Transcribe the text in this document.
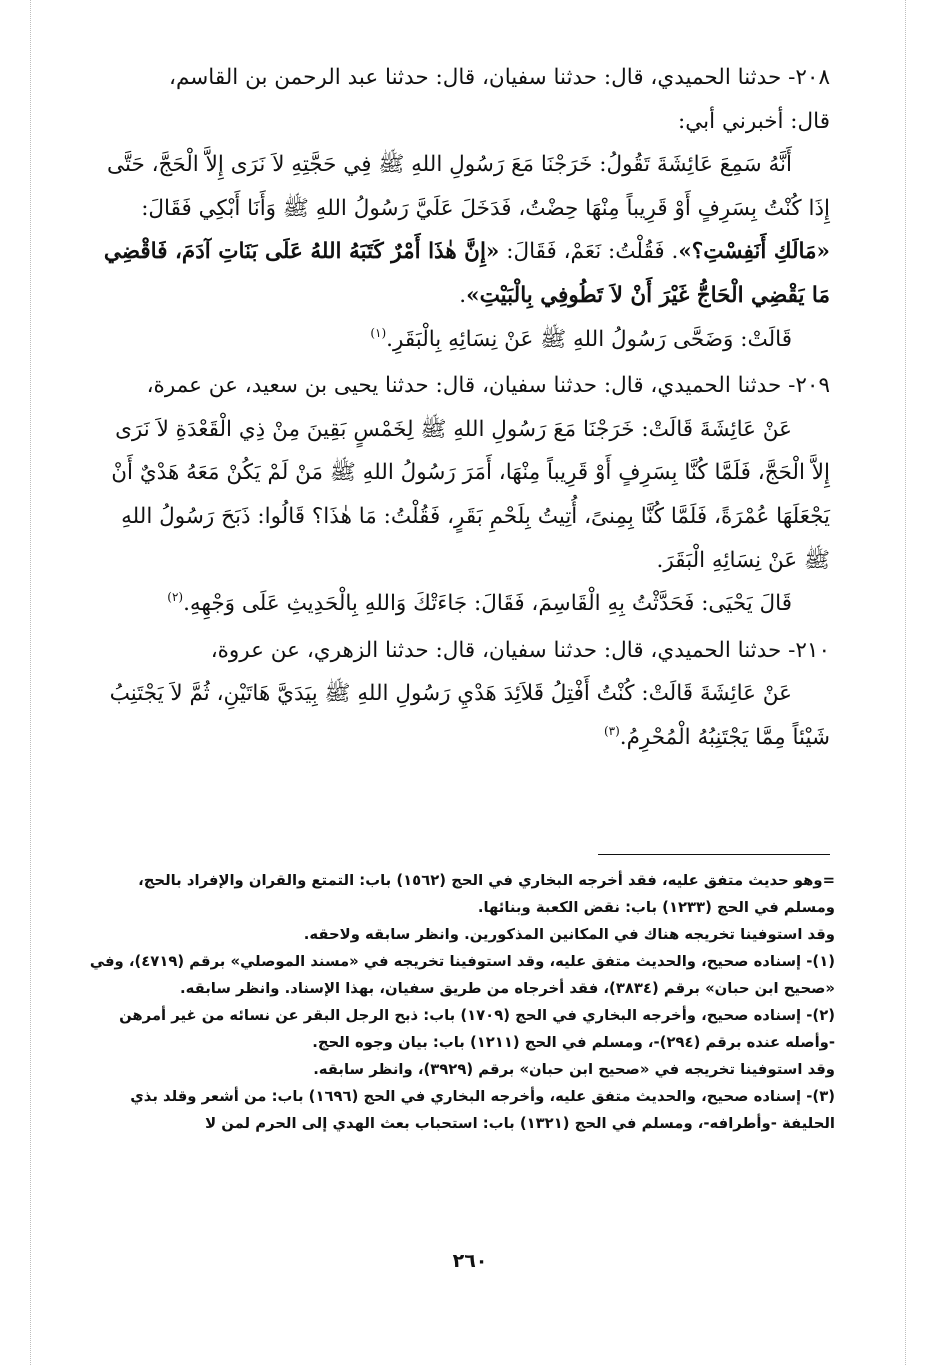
٢٠٨- حدثنا الحميدي، قال: حدثنا سفيان، قال: حدثنا عبد الرحمن بن القاسم،

قال: أخبرني أبي:

أَنَّهُ سَمِعَ عَائِشَةَ تَقُولُ: خَرَجْنَا مَعَ رَسُولِ اللهِ ﷺ فِي حَجَّتِهِ لاَ نَرَى إِلاَّ الْحَجَّ، حَتَّى إِذَا كُنْتُ بِسَرِفٍ أَوْ قَرِيباً مِنْهَا حِضْتُ، فَدَخَلَ عَلَيَّ رَسُولُ اللهِ ﷺ وَأَنَا أَبْكِي فَقَالَ: «مَالَكِ أَنَفِسْتِ؟». فَقُلْتُ: نَعَمْ، فَقَالَ: «إِنَّ هٰذَا أَمْرٌ كَتَبَهُ اللهُ عَلَى بَنَاتِ آدَمَ، فَاقْضِي مَا يَقْضِي الْحَاجُّ غَيْرَ أَنْ لاَ تَطُوفِي بِالْبَيْتِ».

قَالَتْ: وَضَحَّى رَسُولُ اللهِ ﷺ عَنْ نِسَائِهِ بِالْبَقَرِ.$^{(١)}$

٢٠٩- حدثنا الحميدي، قال: حدثنا سفيان، قال: حدثنا يحيى بن سعيد، عن عمرة،

عَنْ عَائِشَةَ قَالَتْ: خَرَجْنَا مَعَ رَسُولِ اللهِ ﷺ لِخَمْسٍ بَقِينَ مِنْ ذِي الْقَعْدَةِ لاَ نَرَى إِلاَّ الْحَجَّ، فَلَمَّا كُنَّا بِسَرِفٍ أَوْ قَرِيباً مِنْهَا، أَمَرَ رَسُولُ اللهِ ﷺ مَنْ لَمْ يَكُنْ مَعَهُ هَدْيٌ أَنْ يَجْعَلَهَا عُمْرَةً، فَلَمَّا كُنَّا بِمِنىً، أُتِيتُ بِلَحْمِ بَقَرٍ، فَقُلْتُ: مَا هٰذَا؟ قَالُوا: ذَبَحَ رَسُولُ اللهِ ﷺ عَنْ نِسَائِهِ الْبَقَرَ.

قَالَ يَحْيَى: فَحَدَّثْتُ بِهِ الْقَاسِمَ، فَقَالَ: جَاءَتْكَ وَاللهِ بِالْحَدِيثِ عَلَى وَجْهِهِ.$^{(٢)}$

٢١٠- حدثنا الحميدي، قال: حدثنا سفيان، قال: حدثنا الزهري، عن عروة،

عَنْ عَائِشَةَ قَالَتْ: كُنْتُ أَفْتِلُ قَلاَئِدَ هَدْيِ رَسُولِ اللهِ ﷺ بِيَدَيَّ هَاتَيْنِ، ثُمَّ لاَ يَجْتَنِبُ شَيْئاً مِمَّا يَجْتَنِبُهُ الْمُحْرِمُ.$^{(٣)}$

=وهو حديث متفق عليه، فقد أخرجه البخاري في الحج (١٥٦٢) باب: التمتع والقران والإفراد بالحج، ومسلم في الحج (١٢٣٣) باب: نقض الكعبة وبنائها.

وقد استوفينا تخريجه هناك في المكانين المذكورين. وانظر سابقه ولاحقه.

(١)- إسناده صحيح، والحديث متفق عليه، وقد استوفينا تخريجه في «مسند الموصلي» برقم (٤٧١٩)، وفي «صحيح ابن حبان» برقم (٣٨٣٤)، فقد أخرجاه من طريق سفيان، بهذا الإسناد. وانظر سابقه.

(٢)- إسناده صحيح، وأخرجه البخاري في الحج (١٧٠٩) باب: ذبح الرجل البقر عن نسائه من غير أمرهن -وأصله عنده برقم (٢٩٤)-، ومسلم في الحج (١٢١١) باب: بيان وجوه الحج.

وقد استوفينا تخريجه في «صحيح ابن حبان» برقم (٣٩٢٩)، وانظر سابقه.

(٣)- إسناده صحيح، والحديث متفق عليه، وأخرجه البخاري في الحج (١٦٩٦) باب: من أشعر وقلد بذي الحليفة -وأطرافه-، ومسلم في الحج (١٣٢١) باب: استحباب بعث الهدي إلى الحرم لمن لا

٢٦٠
